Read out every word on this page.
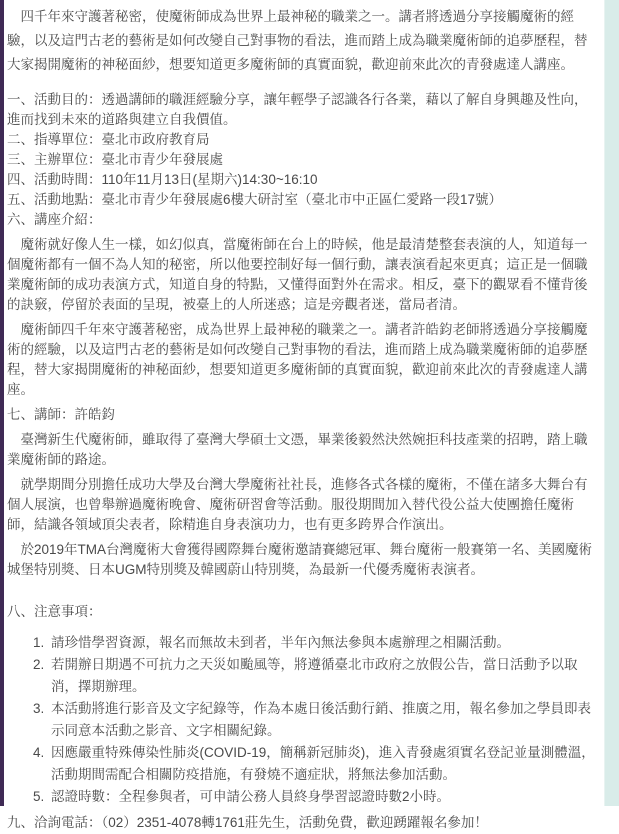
四千年來守護著秘密，使魔術師成為世界上最神秘的職業之一。講者將透過分享接觸魔術的經驗，以及這門古老的藝術是如何改變自己對事物的看法，進而踏上成為職業魔術師的追夢歷程，替大家揭開魔術的神秘面紗，想要知道更多魔術師的真實面貌，歡迎前來此次的青發處達人講座。

一、活動目的：透過講師的職涯經驗分享，讓年輕學子認識各行各業，藉以了解自身興趣及性向，進而找到未來的道路與建立自我價值。

二、指導單位：臺北市政府教育局

三、主辦單位：臺北市青少年發展處

四、活動時間：110年11月13日(星期六)14:30~16:10

五、活動地點：臺北市青少年發展處6樓大研討室（臺北市中正區仁愛路一段17號）

六、講座介紹：

魔術就好像人生一樣，如幻似真，當魔術師在台上的時候，他是最清楚整套表演的人，知道每一個魔術都有一個不為人知的秘密，所以他要控制好每一個行動，讓表演看起來更真；這正是一個職業魔術師的成功表演方式，知道自身的特點，又懂得面對外在需求。相反，臺下的觀眾看不懂背後的訣竅，停留於表面的呈現，被臺上的人所迷惑；這是旁觀者迷，當局者清。

魔術師四千年來守護著秘密，成為世界上最神秘的職業之一。講者許皓鈞老師將透過分享接觸魔術的經驗，以及這門古老的藝術是如何改變自己對事物的看法，進而踏上成為職業魔術師的追夢歷程，替大家揭開魔術的神秘面紗，想要知道更多魔術師的真實面貌，歡迎前來此次的青發處達人講座。

七、講師：許皓鈞

臺灣新生代魔術師，雖取得了臺灣大學碩士文憑，畢業後毅然決然婉拒科技產業的招聘，踏上職業魔術師的路途。

就學期間分別擔任成功大學及台灣大學魔術社社長，進修各式各樣的魔術，不僅在諸多大舞台有個人展演，也曾舉辦過魔術晚會、魔術研習會等活動。服役期間加入替代役公益大使團擔任魔術師，結識各領域頂尖表者，除精進自身表演功力，也有更多跨界合作演出。

於2019年TMA台灣魔術大會獲得國際舞台魔術邀請賽總冠軍、舞台魔術一般賽第一名、美國魔術城堡特別獎、日本UGM特別獎及韓國蔚山特別獎，為最新一代優秀魔術表演者。

八、注意事項：

1. 請珍惜學習資源，報名而無故未到者，半年內無法參與本處辦理之相關活動。
2. 若開辦日期遇不可抗力之天災如颱風等，將遵循臺北市政府之放假公告，當日活動予以取消，擇期辦理。
3. 本活動將進行影音及文字紀錄等，作為本處日後活動行銷、推廣之用，報名參加之學員即表示同意本活動之影音、文字相關紀錄。
4. 因應嚴重特殊傳染性肺炎(COVID-19，簡稱新冠肺炎)，進入青發處須實名登記並量測體溫，活動期間需配合相關防疫措施，有發燒不適症狀，將無法參加活動。
5. 認證時數：全程參與者，可申請公務人員終身學習認證時數2小時。

九、洽詢電話：（02）2351-4078轉1761莊先生，活動免費，歡迎踴躍報名參加！
